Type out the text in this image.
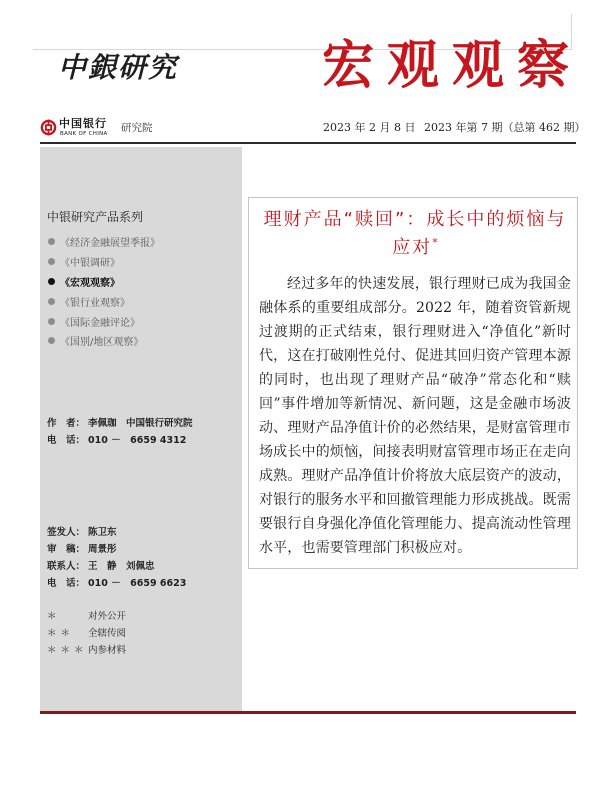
中銀研究	宏观观察
中国银行
BANK OF CHINA 研究院	2023 年 2 月 8 日 2023 年第 7 期（总第 462 期）
中银研究产品系列
《经济金融展望季报》
《中银调研》
《宏观观察》
《银行业观察》
《国际金融评论》
《国别/地区观察》
作　者： 李佩珈　中国银行研究院
电　话： 010 －　6659 4312
签发人： 陈卫东
审　稿： 周景彤
联系人： 王　静　刘佩忠
电　话： 010 －　6659 6623
＊	对外公开
＊＊	全辖传阅
＊＊＊ 内参材料
理财产品“赎回”：成长中的烦恼与
应对*

经过多年的快速发展，银行理财已成为我国金融体系的重要组成部分。2022 年，随着资管新规过渡期的正式结束，银行理财进入“净值化”新时代，这在打破刚性兑付、促进其回归资产管理本源的同时，也出现了理财产品“破净”常态化和“赎回”事件增加等新情况、新问题，这是金融市场波动、理财产品净值计价的必然结果，是财富管理市场成长中的烦恼，间接表明财富管理市场正在走向成熟。理财产品净值计价将放大底层资产的波动，对银行的服务水平和回撤管理能力形成挑战。既需要银行自身强化净值化管理能力、提高流动性管理水平，也需要管理部门积极应对。
